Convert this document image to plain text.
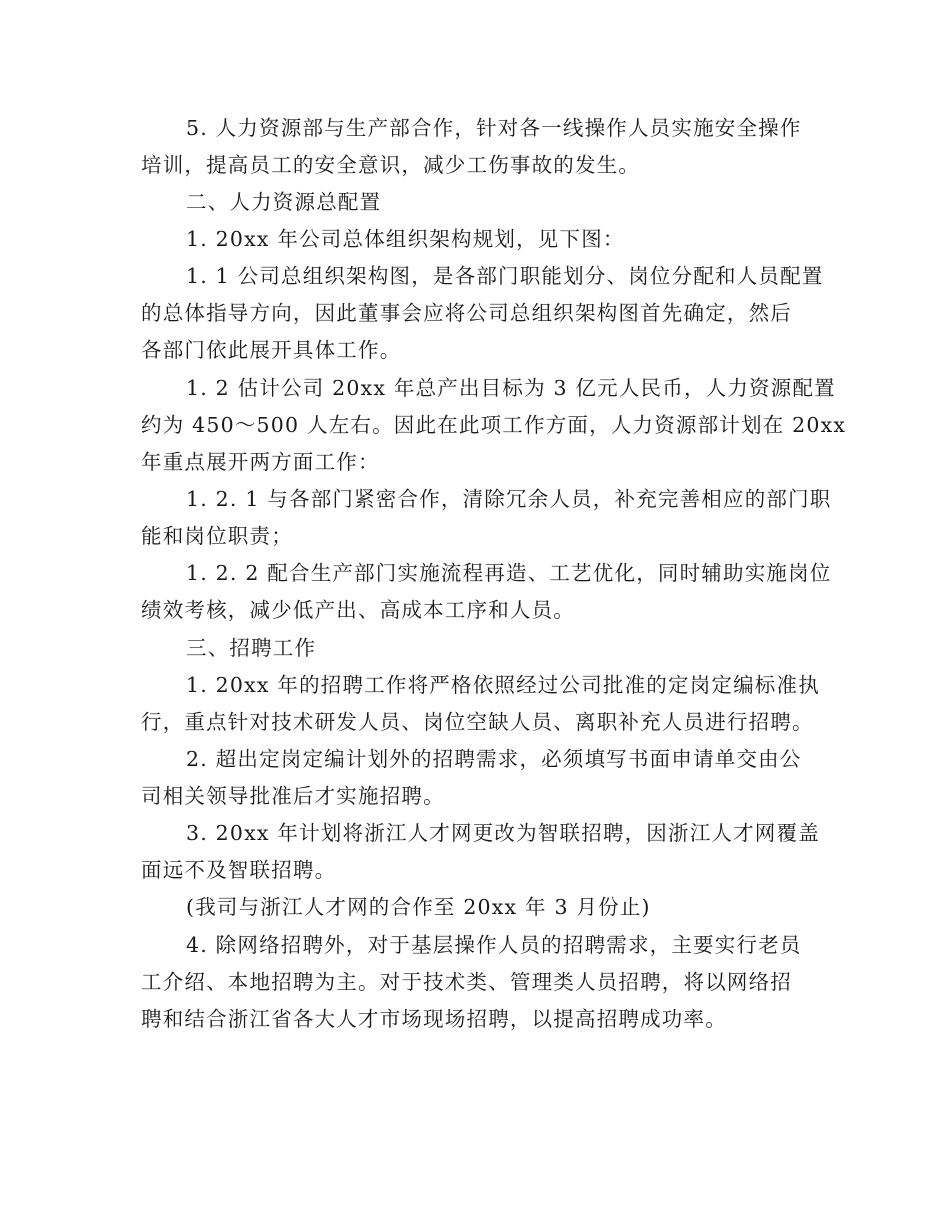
5. 人力资源部与生产部合作，针对各一线操作人员实施安全操作
培训，提高员工的安全意识，减少工伤事故的发生。
二、人力资源总配置
1. 20xx 年公司总体组织架构规划，见下图：
1. 1 公司总组织架构图，是各部门职能划分、岗位分配和人员配置
的总体指导方向，因此董事会应将公司总组织架构图首先确定，然后
各部门依此展开具体工作。
1. 2 估计公司 20xx 年总产出目标为 3 亿元人民币，人力资源配置
约为 450～500 人左右。因此在此项工作方面，人力资源部计划在 20xx
年重点展开两方面工作：
1. 2. 1 与各部门紧密合作，清除冗余人员，补充完善相应的部门职
能和岗位职责；
1. 2. 2 配合生产部门实施流程再造、工艺优化，同时辅助实施岗位
绩效考核，减少低产出、高成本工序和人员。
三、招聘工作
1. 20xx 年的招聘工作将严格依照经过公司批准的定岗定编标准执
行，重点针对技术研发人员、岗位空缺人员、离职补充人员进行招聘。
2. 超出定岗定编计划外的招聘需求，必须填写书面申请单交由公
司相关领导批准后才实施招聘。
3. 20xx 年计划将浙江人才网更改为智联招聘，因浙江人才网覆盖
面远不及智联招聘。
(我司与浙江人才网的合作至 20xx 年 3 月份止)
4. 除网络招聘外，对于基层操作人员的招聘需求，主要实行老员
工介绍、本地招聘为主。对于技术类、管理类人员招聘，将以网络招
聘和结合浙江省各大人才市场现场招聘，以提高招聘成功率。
